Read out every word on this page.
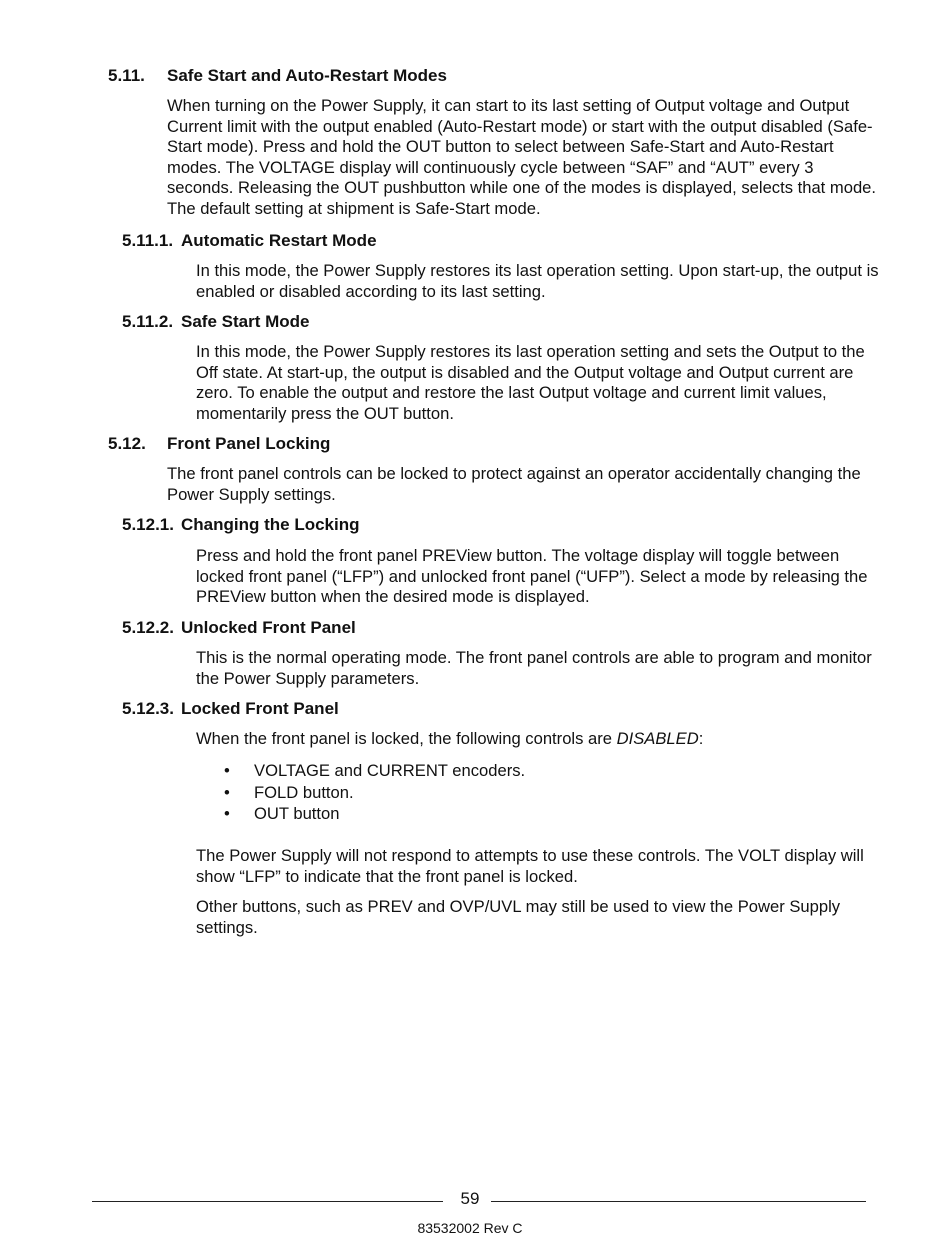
5.11. Safe Start and Auto-Restart Modes
When turning on the Power Supply, it can start to its last setting of Output voltage and Output Current limit with the output enabled (Auto-Restart mode) or start with the output disabled (Safe-Start mode). Press and hold the OUT button to select between Safe-Start and Auto-Restart modes. The VOLTAGE display will continuously cycle between “SAF” and “AUT” every 3 seconds. Releasing the OUT pushbutton while one of the modes is displayed, selects that mode. The default setting at shipment is Safe-Start mode.
5.11.1. Automatic Restart Mode
In this mode, the Power Supply restores its last operation setting. Upon start-up, the output is enabled or disabled according to its last setting.
5.11.2. Safe Start Mode
In this mode, the Power Supply restores its last operation setting and sets the Output to the Off state. At start-up, the output is disabled and the Output voltage and Output current are zero. To enable the output and restore the last Output voltage and current limit values, momentarily press the OUT button.
5.12. Front Panel Locking
The front panel controls can be locked to protect against an operator accidentally changing the Power Supply settings.
5.12.1. Changing the Locking
Press and hold the front panel PREView button. The voltage display will toggle between locked front panel (“LFP”) and unlocked front panel (“UFP”). Select a mode by releasing the PREView button when the desired mode is displayed.
5.12.2. Unlocked Front Panel
This is the normal operating mode. The front panel controls are able to program and monitor the Power Supply parameters.
5.12.3. Locked Front Panel
When the front panel is locked, the following controls are DISABLED:
• VOLTAGE and CURRENT encoders.
• FOLD button.
• OUT button
The Power Supply will not respond to attempts to use these controls. The VOLT display will show “LFP” to indicate that the front panel is locked.
Other buttons, such as PREV and OVP/UVL may still be used to view the Power Supply settings.
59
83532002 Rev C
